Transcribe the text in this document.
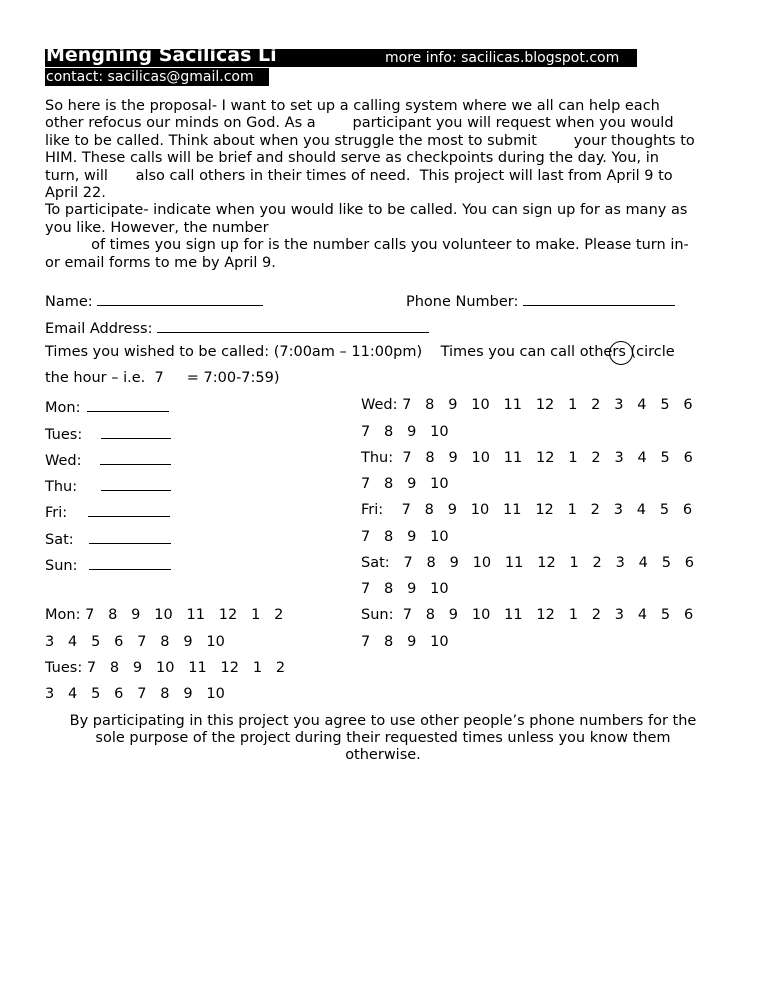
Mengning Sacilicas Li	more info: sacilicas.blogspot.com
contact: sacilicas@gmail.com
So here is the proposal- I want to set up a calling system where we all can help each
other refocus our minds on God. As a        participant you will request when you would
like to be called. Think about when you struggle the most to submit        your thoughts to
HIM. These calls will be brief and should serve as checkpoints during the day. You, in
turn, will      also call others in their times of need.  This project will last from April 9 to
April 22.
To participate- indicate when you would like to be called. You can sign up for as many as
you like. However, the number
of times you sign up for is the number calls you volunteer to make. Please turn in-
or email forms to me by April 9.
Name:	Phone Number:
Email Address:
Times you wished to be called: (7:00am – 11:00pm)    Times you can call others (circle
the hour – i.e.  7     = 7:00-7:59)
Mon:
Tues:
Wed:
Thu:
Fri:
Sat:
Sun:
Mon: 7   8   9   10   11   12   1   2
3   4   5   6   7   8   9   10
Tues: 7   8   9   10   11   12   1   2
3   4   5   6   7   8   9   10
Wed: 7   8   9   10   11   12   1   2   3   4   5   6
7   8   9   10
Thu: 7   8   9   10   11   12   1   2   3   4   5   6
7   8   9   10
Fri: 7   8   9   10   11   12   1   2   3   4   5   6
7   8   9   10
Sat: 7   8   9   10   11   12   1   2   3   4   5   6
7   8   9   10
Sun: 7   8   9   10   11   12   1   2   3   4   5   6
7   8   9   10
By participating in this project you agree to use other people’s phone numbers for the
sole purpose of the project during their requested times unless you know them
otherwise.
